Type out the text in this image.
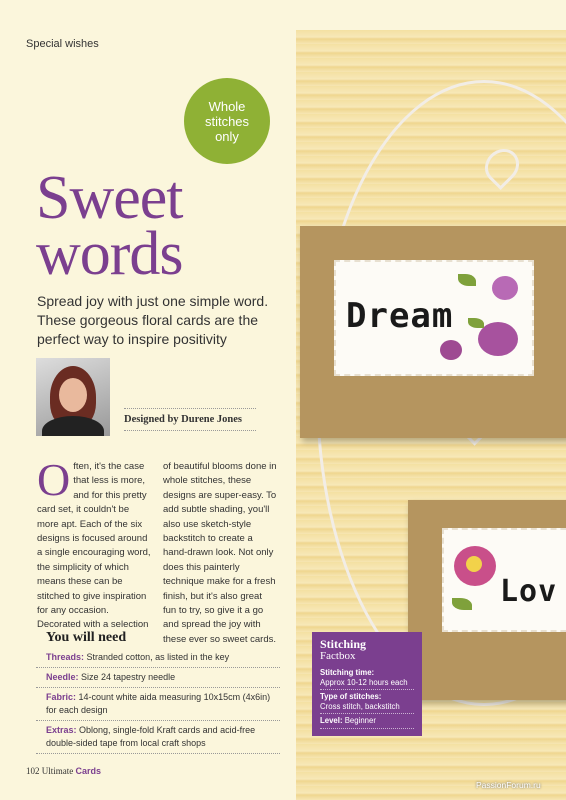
Special wishes
Whole
stitches
only
Sweet
words
Spread joy with just one simple word. These gorgeous floral cards are the perfect way to inspire positivity
Designed by Durene Jones
Often, it's the case that less is more, and for this pretty card set, it couldn't be more apt. Each of the six designs is focused around a single encouraging word, the simplicity of which means these can be stitched to give inspiration for any occasion. Decorated with a selection
of beautiful blooms done in whole stitches, these designs are super-easy. To add subtle shading, you'll also use sketch-style backstitch to create a hand-drawn look. Not only does this painterly technique make for a fresh finish, but it's also great fun to try, so give it a go and spread the joy with these ever so sweet cards.
You will need
Threads: Stranded cotton, as listed in the key
Needle: Size 24 tapestry needle
Fabric: 14-count white aida measuring 10x15cm (4x6in) for each design
Extras: Oblong, single-fold Kraft cards and acid-free double-sided tape from local craft shops
102 Ultimate Cards
Dream
Lov
Stitching
Factbox
Stitching time:
Approx 10-12 hours each
Type of stitches:
Cross stitch, backstitch
Level: Beginner
PassionForum.ru
